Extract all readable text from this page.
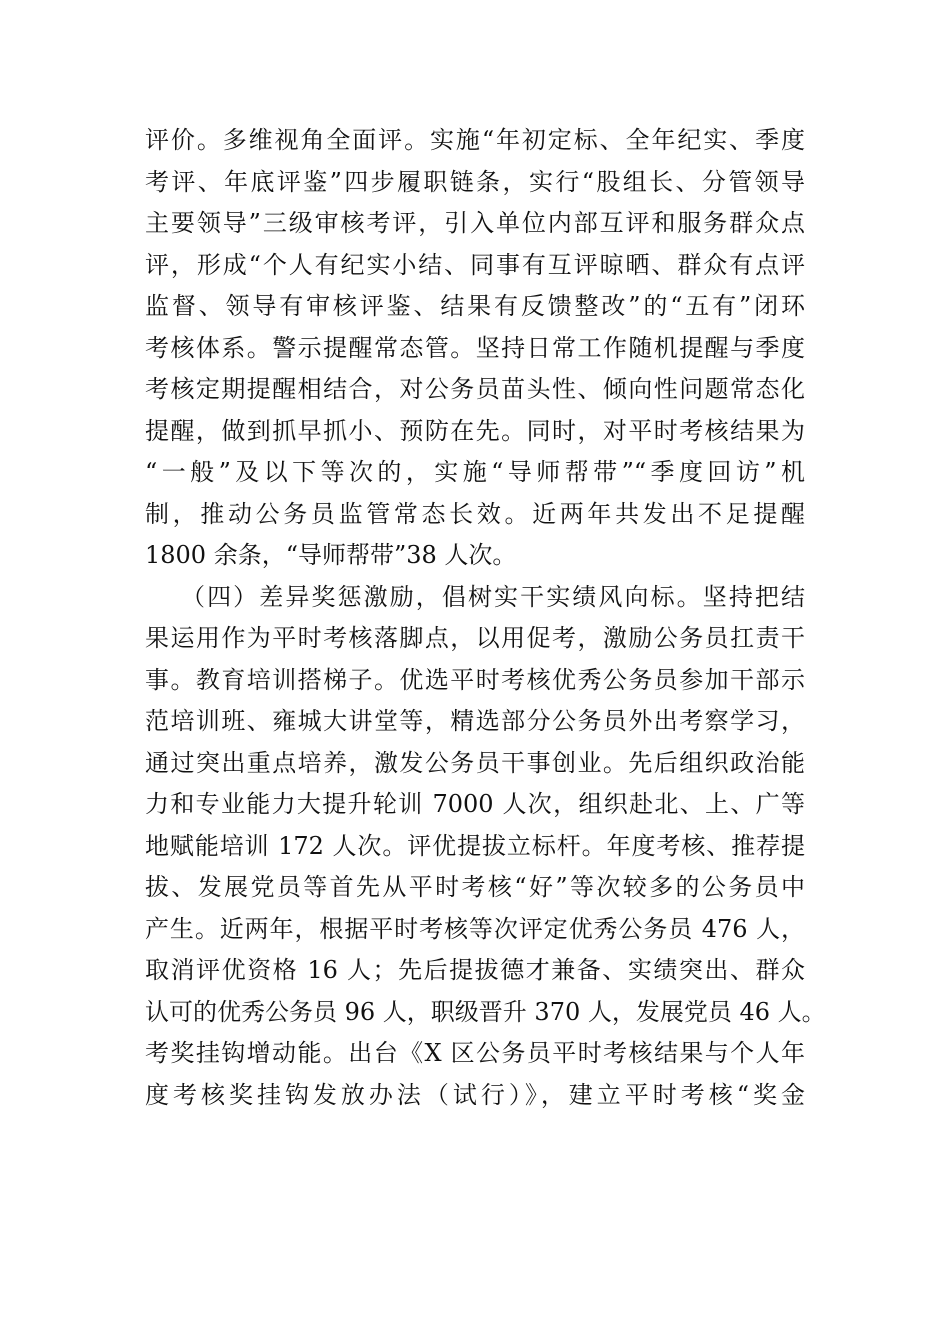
评价。多维视角全面评。实施“年初定标、全年纪实、季度
考评、年底评鉴”四步履职链条，实行“股组长、分管领导
主要领导”三级审核考评，引入单位内部互评和服务群众点
评，形成“个人有纪实小结、同事有互评晾晒、群众有点评
监督、领导有审核评鉴、结果有反馈整改”的“五有”闭环
考核体系。警示提醒常态管。坚持日常工作随机提醒与季度
考核定期提醒相结合，对公务员苗头性、倾向性问题常态化
提醒，做到抓早抓小、预防在先。同时，对平时考核结果为
“一般”及以下等次的，实施“导师帮带”“季度回访”机
制，推动公务员监管常态长效。近两年共发出不足提醒
1800 余条，“导师帮带”38 人次。
（四）差异奖惩激励，倡树实干实绩风向标。坚持把结
果运用作为平时考核落脚点，以用促考，激励公务员扛责干
事。教育培训搭梯子。优选平时考核优秀公务员参加干部示
范培训班、雍城大讲堂等，精选部分公务员外出考察学习，
通过突出重点培养，激发公务员干事创业。先后组织政治能
力和专业能力大提升轮训 7000 人次，组织赴北、上、广等
地赋能培训 172 人次。评优提拔立标杆。年度考核、推荐提
拔、发展党员等首先从平时考核“好”等次较多的公务员中
产生。近两年，根据平时考核等次评定优秀公务员 476 人，
取消评优资格 16 人；先后提拔德才兼备、实绩突出、群众
认可的优秀公务员 96 人，职级晋升 370 人，发展党员 46 人。
考奖挂钩增动能。出台《X 区公务员平时考核结果与个人年
度考核奖挂钩发放办法（试行）》，建立平时考核“奖金
